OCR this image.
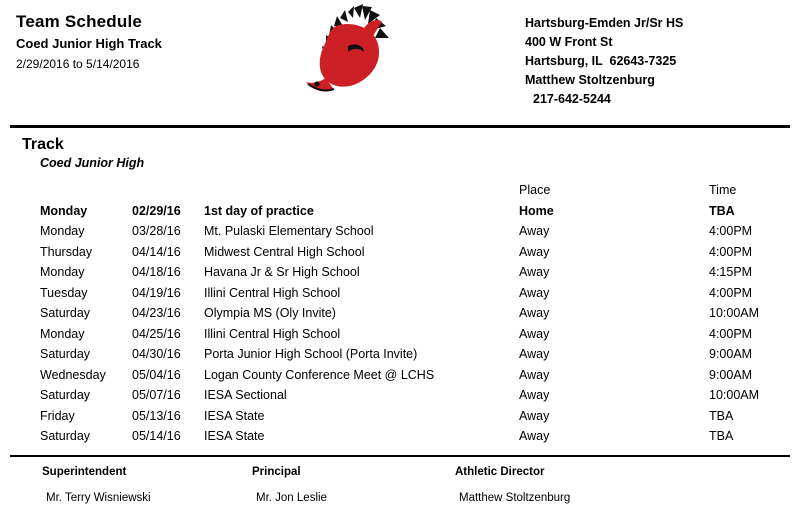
Team Schedule
Coed Junior High Track
2/29/2016 to 5/14/2016
Hartsburg-Emden Jr/Sr HS
400 W Front St
Hartsburg, IL  62643-7325
Matthew Stoltzenburg
217-642-5244
Track
Coed Junior High
			Place	Time
Monday	02/29/16	1st day of practice	Home	TBA
Monday	03/28/16	Mt. Pulaski Elementary School	Away	4:00PM
Thursday	04/14/16	Midwest Central High School	Away	4:00PM
Monday	04/18/16	Havana Jr & Sr High School	Away	4:15PM
Tuesday	04/19/16	Illini Central High School	Away	4:00PM
Saturday	04/23/16	Olympia MS (Oly Invite)	Away	10:00AM
Monday	04/25/16	Illini Central High School	Away	4:00PM
Saturday	04/30/16	Porta Junior High School (Porta Invite)	Away	9:00AM
Wednesday	05/04/16	Logan County Conference Meet @ LCHS	Away	9:00AM
Saturday	05/07/16	IESA Sectional	Away	10:00AM
Friday	05/13/16	IESA State	Away	TBA
Saturday	05/14/16	IESA State	Away	TBA
Superintendent
Mr. Terry Wisniewski
Principal
Mr. Jon Leslie
Athletic Director
Matthew Stoltzenburg
